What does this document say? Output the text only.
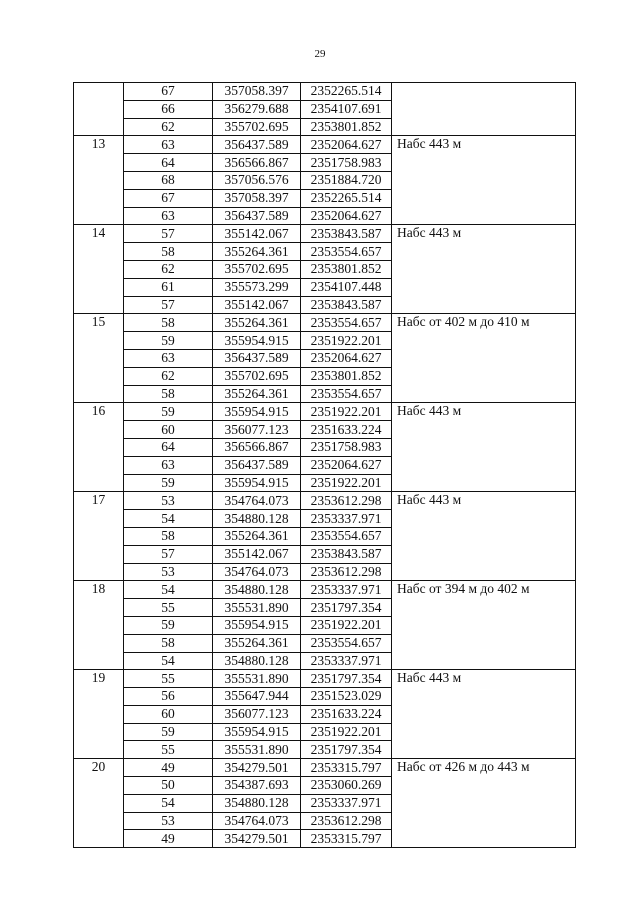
29
	67	357058.397	2352265.514	
	66	356279.688	2354107.691	
	62	355702.695	2353801.852	
13	63	356437.589	2352064.627	Набс 443 м
	64	356566.867	2351758.983	
	68	357056.576	2351884.720	
	67	357058.397	2352265.514	
	63	356437.589	2352064.627	
14	57	355142.067	2353843.587	Набс 443 м
	58	355264.361	2353554.657	
	62	355702.695	2353801.852	
	61	355573.299	2354107.448	
	57	355142.067	2353843.587	
15	58	355264.361	2353554.657	Набс от 402 м до 410 м
	59	355954.915	2351922.201	
	63	356437.589	2352064.627	
	62	355702.695	2353801.852	
	58	355264.361	2353554.657	
16	59	355954.915	2351922.201	Набс 443 м
	60	356077.123	2351633.224	
	64	356566.867	2351758.983	
	63	356437.589	2352064.627	
	59	355954.915	2351922.201	
17	53	354764.073	2353612.298	Набс 443 м
	54	354880.128	2353337.971	
	58	355264.361	2353554.657	
	57	355142.067	2353843.587	
	53	354764.073	2353612.298	
18	54	354880.128	2353337.971	Набс от 394 м до 402 м
	55	355531.890	2351797.354	
	59	355954.915	2351922.201	
	58	355264.361	2353554.657	
	54	354880.128	2353337.971	
19	55	355531.890	2351797.354	Набс 443 м
	56	355647.944	2351523.029	
	60	356077.123	2351633.224	
	59	355954.915	2351922.201	
	55	355531.890	2351797.354	
20	49	354279.501	2353315.797	Набс от 426 м до 443 м
	50	354387.693	2353060.269	
	54	354880.128	2353337.971	
	53	354764.073	2353612.298	
	49	354279.501	2353315.797	
